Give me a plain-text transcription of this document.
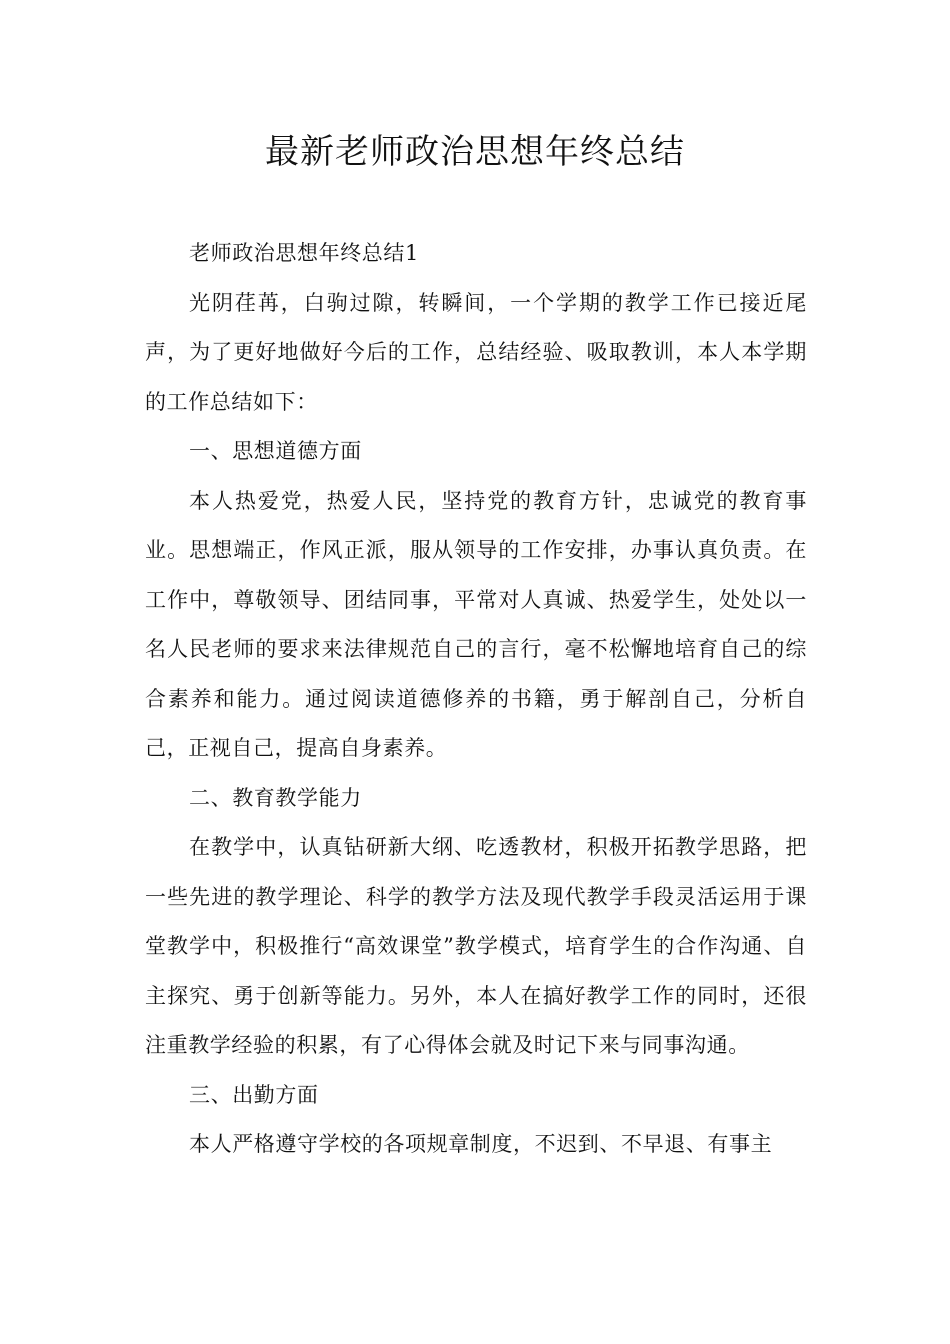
最新老师政治思想年终总结

老师政治思想年终总结1

光阴荏苒，白驹过隙，转瞬间，一个学期的教学工作已接近尾声，为了更好地做好今后的工作，总结经验、吸取教训，本人本学期的工作总结如下：

一、思想道德方面

本人热爱党，热爱人民，坚持党的教育方针，忠诚党的教育事业。思想端正，作风正派，服从领导的工作安排，办事认真负责。在工作中，尊敬领导、团结同事，平常对人真诚、热爱学生，处处以一名人民老师的要求来法律规范自己的言行，毫不松懈地培育自己的综合素养和能力。通过阅读道德修养的书籍，勇于解剖自己，分析自己，正视自己，提高自身素养。

二、教育教学能力

在教学中，认真钻研新大纲、吃透教材，积极开拓教学思路，把一些先进的教学理论、科学的教学方法及现代教学手段灵活运用于课堂教学中，积极推行“高效课堂”教学模式，培育学生的合作沟通、自主探究、勇于创新等能力。另外，本人在搞好教学工作的同时，还很注重教学经验的积累，有了心得体会就及时记下来与同事沟通。

三、出勤方面

本人严格遵守学校的各项规章制度，不迟到、不早退、有事主
